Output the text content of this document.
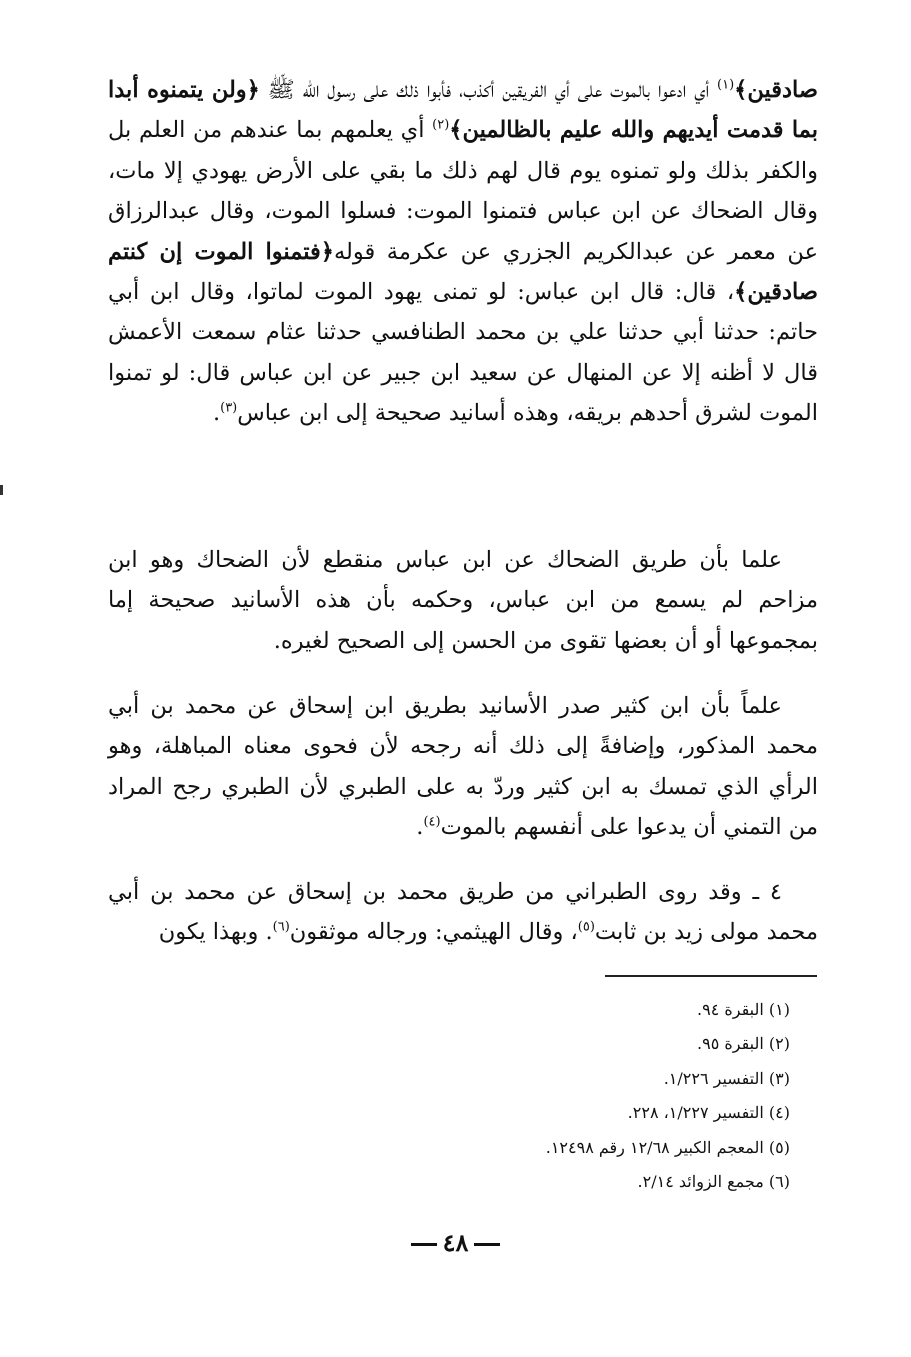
صادقين﴾$^{(١)}$ أي ادعوا بالموت على أي الفريقين أكذب، فأبوا ذلك على رسول الله ﷺ ﴿ولن يتمنوه أبدا بما قدمت أيديهم والله عليم بالظالمين﴾$^{(٢)}$ أي يعلمهم بما عندهم من العلم بل والكفر بذلك ولو تمنوه يوم قال لهم ذلك ما بقي على الأرض يهودي إلا مات، وقال الضحاك عن ابن عباس فتمنوا الموت: فسلوا الموت، وقال عبدالرزاق عن معمر عن عبدالكريم الجزري عن عكرمة قوله﴿فتمنوا الموت إن كنتم صادقين﴾، قال: قال ابن عباس: لو تمنى يهود الموت لماتوا، وقال ابن أبي حاتم: حدثنا أبي حدثنا علي بن محمد الطنافسي حدثنا عثام سمعت الأعمش قال لا أظنه إلا عن المنهال عن سعيد ابن جبير عن ابن عباس قال: لو تمنوا الموت لشرق أحدهم بريقه، وهذه أسانيد صحيحة إلى ابن عباس$^{(٣)}$.

علما بأن طريق الضحاك عن ابن عباس منقطع لأن الضحاك وهو ابن مزاحم لم يسمع من ابن عباس، وحكمه بأن هذه الأسانيد صحيحة إما بمجموعها أو أن بعضها تقوى من الحسن إلى الصحيح لغيره.

علماً بأن ابن كثير صدر الأسانيد بطريق ابن إسحاق عن محمد بن أبي محمد المذكور، وإضافةً إلى ذلك أنه رجحه لأن فحوى معناه المباهلة، وهو الرأي الذي تمسك به ابن كثير وردّ به على الطبري لأن الطبري رجح المراد من التمني أن يدعوا على أنفسهم بالموت$^{(٤)}$.

٤ ـ وقد روى الطبراني من طريق محمد بن إسحاق عن محمد بن أبي محمد مولى زيد بن ثابت$^{(٥)}$، وقال الهيثمي: ورجاله موثقون$^{(٦)}$. وبهذا يكون

(١) البقرة ٩٤.
(٢) البقرة ٩٥.
(٣) التفسير ١/٢٢٦.
(٤) التفسير ١/٢٢٧، ٢٢٨.
(٥) المعجم الكبير ١٢/٦٨ رقم ١٢٤٩٨.
(٦) مجمع الزوائد ٢/١٤.
٤٨
